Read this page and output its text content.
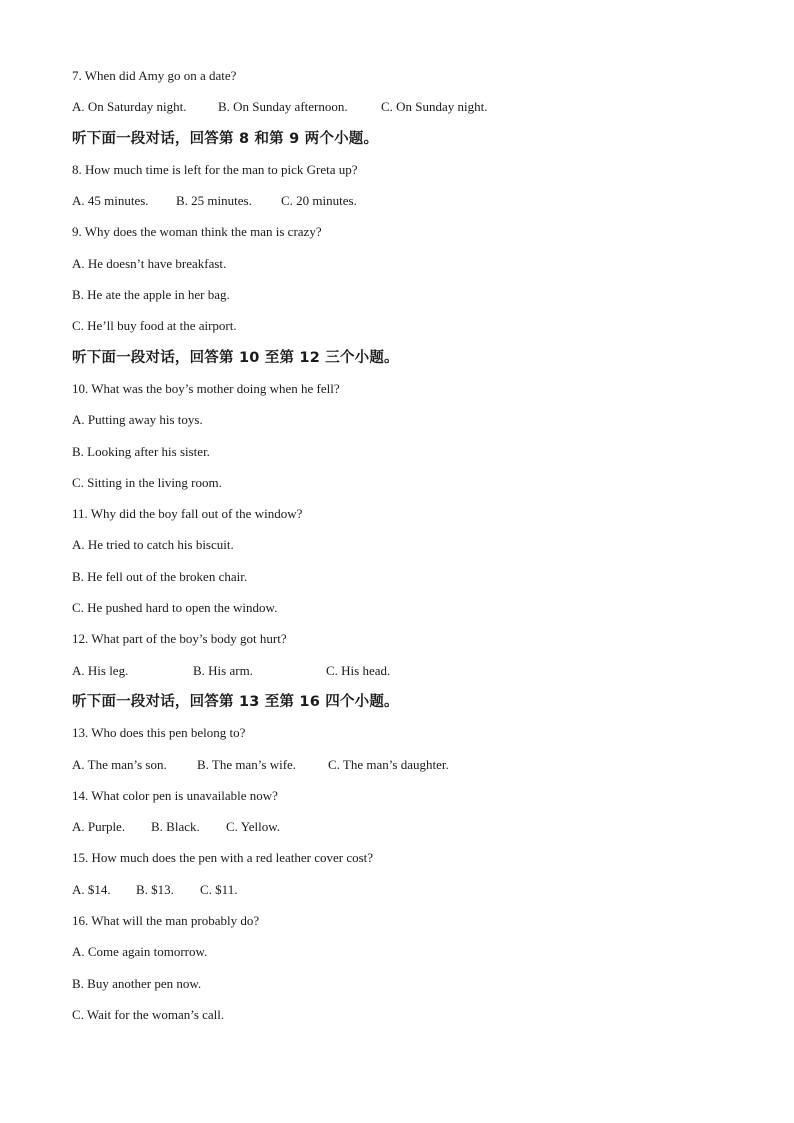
7. When did Amy go on a date?
A. On Saturday night. B. On Sunday afternoon.	C. On Sunday night.
听下面一段对话，回答第 8 和第 9 两个小题。
8. How much time is left for the man to pick Greta up?
A. 45 minutes. B. 25 minutes. C. 20 minutes.
9. Why does the woman think the man is crazy?
A. He doesn’t have breakfast.
B. He ate the apple in her bag.
C. He’ll buy food at the airport.
听下面一段对话，回答第 10 至第 12 三个小题。
10. What was the boy’s mother doing when he fell?
A. Putting away his toys.
B. Looking after his sister.
C. Sitting in the living room.
11. Why did the boy fall out of the window?
A. He tried to catch his biscuit.
B. He fell out of the broken chair.
C. He pushed hard to open the window.
12. What part of the boy’s body got hurt?
A. His leg.	B. His arm.	C. His head.
听下面一段对话，回答第 13 至第 16 四个小题。
13. Who does this pen belong to?
A. The man’s son. B. The man’s wife. C. The man’s daughter.
14. What color pen is unavailable now?
A. Purple. B. Black. C. Yellow.
15. How much does the pen with a red leather cover cost?
A. $14. B. $13. C. $11.
16. What will the man probably do?
A. Come again tomorrow.
B. Buy another pen now.
C. Wait for the woman’s call.
